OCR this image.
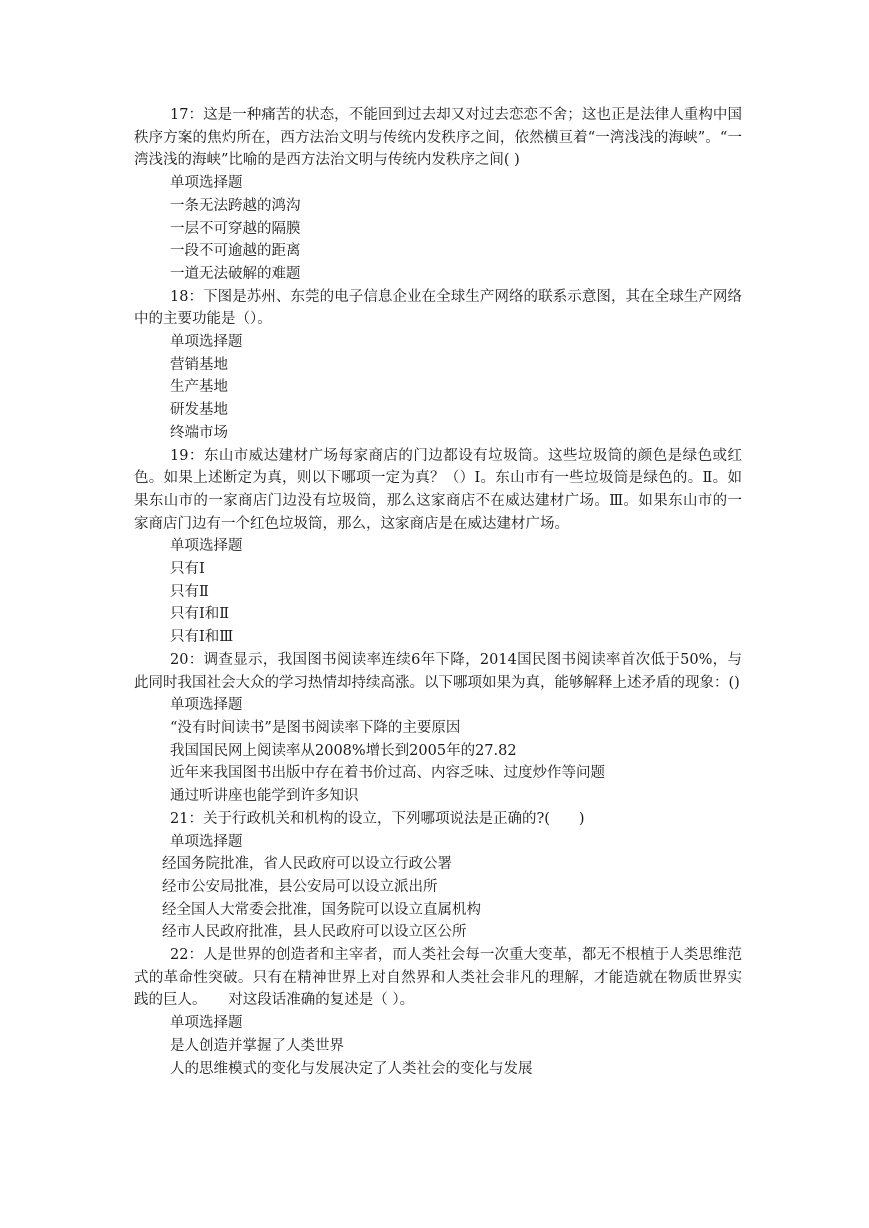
17：这是一种痛苦的状态，不能回到过去却又对过去恋恋不舍；这也正是法律人重构中国秩序方案的焦灼所在，西方法治文明与传统内发秩序之间，依然横亘着“一湾浅浅的海峡”。“一湾浅浅的海峡”比喻的是西方法治文明与传统内发秩序之间( )

单项选择题

一条无法跨越的鸿沟

一层不可穿越的隔膜

一段不可逾越的距离

一道无法破解的难题

18：下图是苏州、东莞的电子信息企业在全球生产网络的联系示意图，其在全球生产网络中的主要功能是（）。

单项选择题

营销基地

生产基地

研发基地

终端市场

19：东山市威达建材广场每家商店的门边都设有垃圾筒。这些垃圾筒的颜色是绿色或红色。如果上述断定为真，则以下哪项一定为真？（）Ⅰ。东山市有一些垃圾筒是绿色的。Ⅱ。如果东山市的一家商店门边没有垃圾筒，那么这家商店不在威达建材广场。Ⅲ。如果东山市的一家商店门边有一个红色垃圾筒，那么，这家商店是在威达建材广场。

单项选择题

只有Ⅰ

只有Ⅱ

只有Ⅰ和Ⅱ

只有Ⅰ和Ⅲ

20：调查显示，我国图书阅读率连续6年下降，2014国民图书阅读率首次低于50%，与此同时我国社会大众的学习热情却持续高涨。以下哪项如果为真，能够解释上述矛盾的现象：()

单项选择题

“没有时间读书”是图书阅读率下降的主要原因

我国国民网上阅读率从2008%增长到2005年的27.82

近年来我国图书出版中存在着书价过高、内容乏味、过度炒作等问题

通过听讲座也能学到许多知识

21：关于行政机关和机构的设立，下列哪项说法是正确的?(　　)

单项选择题

经国务院批准，省人民政府可以设立行政公署

经市公安局批准，县公安局可以设立派出所

经全国人大常委会批准，国务院可以设立直属机构

经市人民政府批准，县人民政府可以设立区公所

22：人是世界的创造者和主宰者，而人类社会每一次重大变革，都无不根植于人类思维范式的革命性突破。只有在精神世界上对自然界和人类社会非凡的理解，才能造就在物质世界实践的巨人。　　对这段话准确的复述是（ ）。

单项选择题

是人创造并掌握了人类世界

人的思维模式的变化与发展决定了人类社会的变化与发展
